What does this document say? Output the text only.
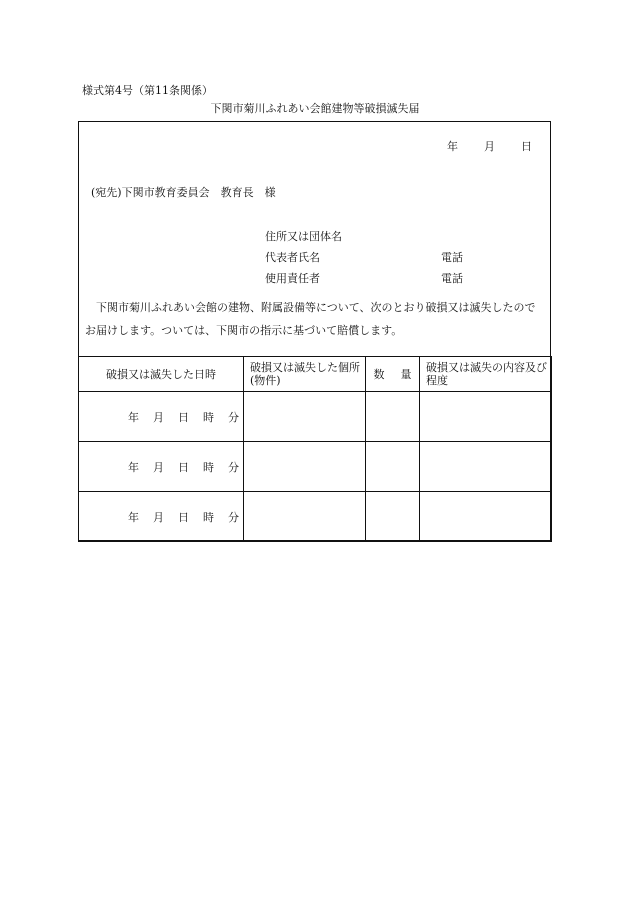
様式第4号（第11条関係）
下関市菊川ふれあい会館建物等破損滅失届
年 月 日
(宛先)下関市教育委員会　教育長　様
住所又は団体名
代表者氏名	電話
使用責任者	電話
下関市菊川ふれあい会館の建物、附属設備等について、次のとおり破損又は滅失したのでお届けします。ついては、下関市の指示に基づいて賠償します。
破損又は滅失した日時	破損又は滅失した個所(物件)	数 量	破損又は滅失の内容及び程度
年 月 日 時 分			
年 月 日 時 分			
年 月 日 時 分			
